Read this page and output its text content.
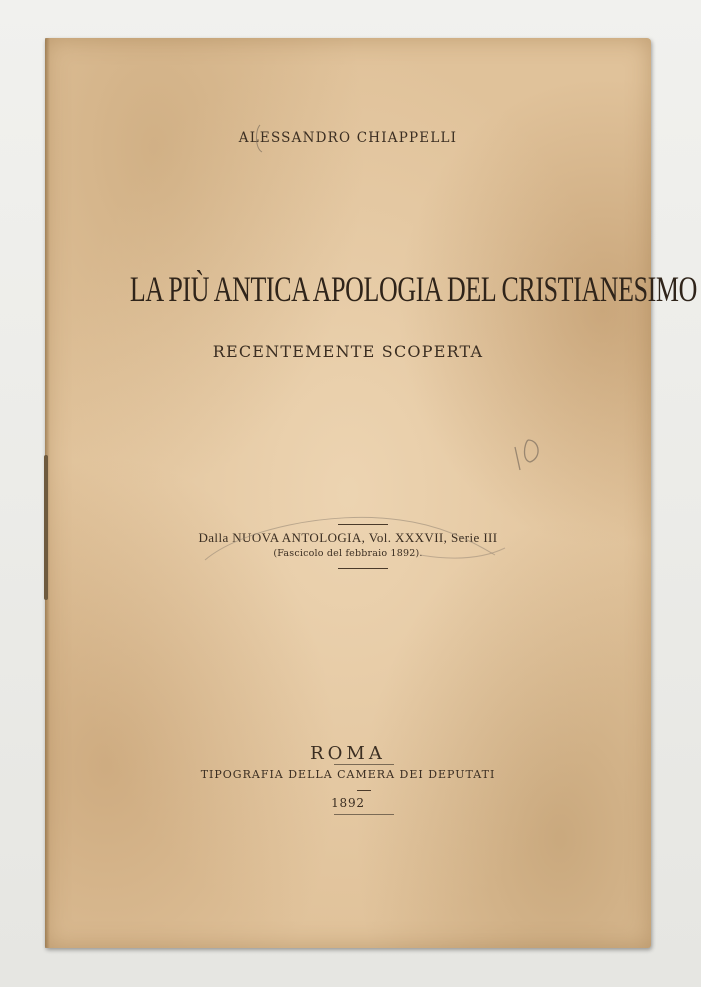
ALESSANDRO CHIAPPELLI
LA PIÙ ANTICA APOLOGIA DEL CRISTIANESIMO
RECENTEMENTE SCOPERTA
Dalla NUOVA ANTOLOGIA, Vol. XXXVII, Serie III
(Fascicolo del febbraio 1892).
ROMA
TIPOGRAFIA DELLA CAMERA DEI DEPUTATI
1892
